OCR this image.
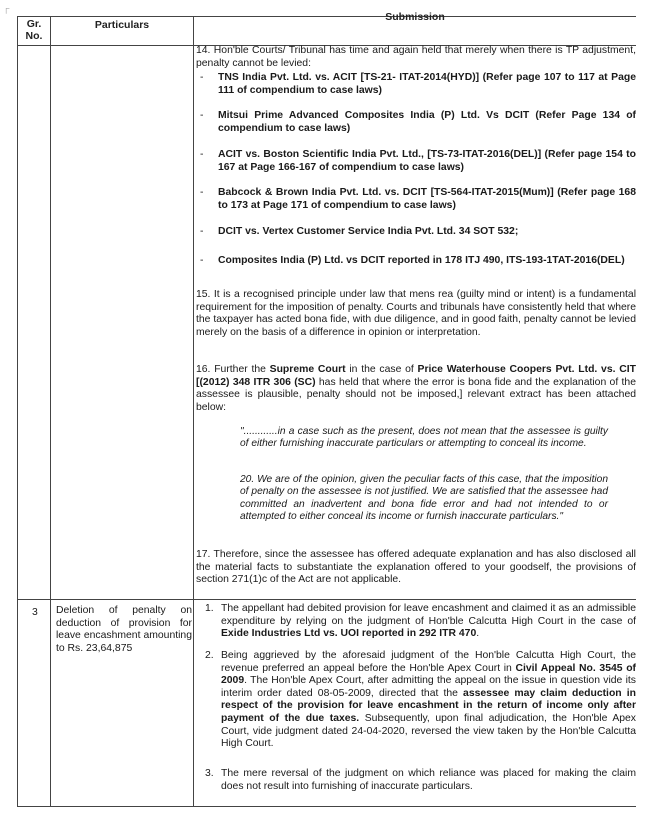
┌
Gr. No.
Particulars
Submission
14. Hon'ble Courts/ Tribunal has time and again held that merely when there is TP adjustment, penalty cannot be levied:
- TNS India Pvt. Ltd. vs. ACIT [TS-21- ITAT-2014(HYD)] (Refer page 107 to 117 at Page 111 of compendium to case laws)
- Mitsui Prime Advanced Composites India (P) Ltd. Vs DCIT (Refer Page 134 of compendium to case laws)
- ACIT vs. Boston Scientific India Pvt. Ltd., [TS-73-ITAT-2016(DEL)] (Refer page 154 to 167 at Page 166-167 of compendium to case laws)
- Babcock & Brown India Pvt. Ltd. vs. DCIT [TS-564-ITAT-2015(Mum)] (Refer page 168 to 173 at Page 171 of compendium to case laws)
- DCIT vs. Vertex Customer Service India Pvt. Ltd. 34 SOT 532;
- Composites India (P) Ltd. vs DCIT reported in 178 ITJ 490, ITS-193-1TAT-2016(DEL)
15. It is a recognised principle under law that mens rea (guilty mind or intent) is a fundamental requirement for the imposition of penalty. Courts and tribunals have consistently held that where the taxpayer has acted bona fide, with due diligence, and in good faith, penalty cannot be levied merely on the basis of a difference in opinion or interpretation.
16. Further the Supreme Court in the case of Price Waterhouse Coopers Pvt. Ltd. vs. CIT [(2012) 348 ITR 306 (SC) has held that where the error is bona fide and the explanation of the assessee is plausible, penalty should not be imposed,] relevant extract has been attached below:
"............in a case such as the present, does not mean that the assessee is guilty of either furnishing inaccurate particulars or attempting to conceal its income.
20. We are of the opinion, given the peculiar facts of this case, that the imposition of penalty on the assessee is not justified. We are satisfied that the assessee had committed an inadvertent and bona fide error and had not intended to or attempted to either conceal its income or furnish inaccurate particulars."
17. Therefore, since the assessee has offered adequate explanation and has also disclosed all the material facts to substantiate the explanation offered to your goodself, the provisions of section 271(1)c of the Act are not applicable.
3 Deletion of penalty on deduction of provision for leave encashment amounting to Rs. 23,64,875
1. The appellant had debited provision for leave encashment and claimed it as an admissible expenditure by relying on the judgment of Hon'ble Calcutta High Court in the case of Exide Industries Ltd vs. UOI reported in 292 ITR 470.
2. Being aggrieved by the aforesaid judgment of the Hon'ble Calcutta High Court, the revenue preferred an appeal before the Hon'ble Apex Court in Civil Appeal No. 3545 of 2009. The Hon'ble Apex Court, after admitting the appeal on the issue in question vide its interim order dated 08-05-2009, directed that the assessee may claim deduction in respect of the provision for leave encashment in the return of income only after payment of the due taxes. Subsequently, upon final adjudication, the Hon'ble Apex Court, vide judgment dated 24-04-2020, reversed the view taken by the Hon'ble Calcutta High Court.
3. The mere reversal of the judgment on which reliance was placed for making the claim does not result into furnishing of inaccurate particulars.
